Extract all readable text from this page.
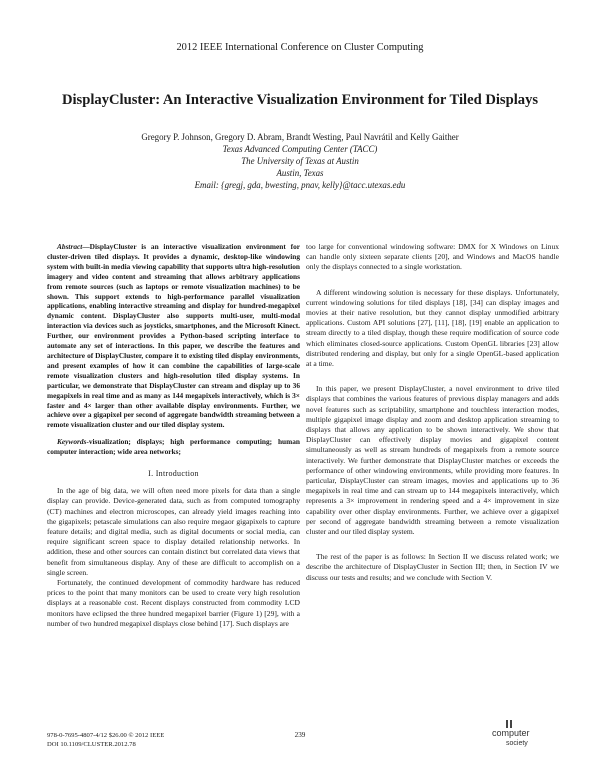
2012 IEEE International Conference on Cluster Computing
DisplayCluster: An Interactive Visualization Environment for Tiled Displays
Gregory P. Johnson, Gregory D. Abram, Brandt Westing, Paul Navrátil and Kelly Gaither
Texas Advanced Computing Center (TACC)
The University of Texas at Austin
Austin, Texas
Email: {gregj, gda, bwesting, pnav, kelly}@tacc.utexas.edu

Abstract—DisplayCluster is an interactive visualization environment for cluster-driven tiled displays. It provides a dynamic, desktop-like windowing system with built-in media viewing capability that supports ultra high-resolution imagery and video content and streaming that allows arbitrary applications from remote sources (such as laptops or remote visualization machines) to be shown. This support extends to high-performance parallel visualization applications, enabling interactive streaming and display for hundred-megapixel dynamic content. DisplayCluster also supports multi-user, multi-modal interaction via devices such as joysticks, smartphones, and the Microsoft Kinect. Further, our environment provides a Python-based scripting interface to automate any set of interactions. In this paper, we describe the features and architecture of DisplayCluster, compare it to existing tiled display environments, and present examples of how it can combine the capabilities of large-scale remote visualization clusters and high-resolution tiled display systems. In particular, we demonstrate that DisplayCluster can stream and display up to 36 megapixels in real time and as many as 144 megapixels interactively, which is 3× faster and 4× larger than other available display environments. Further, we achieve over a gigapixel per second of aggregate bandwidth streaming between a remote visualization cluster and our tiled display system.

Keywords-visualization; displays; high performance computing; human computer interaction; wide area networks;

I. Introduction

In the age of big data, we will often need more pixels for data than a single display can provide. Device-generated data, such as from computed tomography (CT) machines and electron microscopes, can already yield images reaching into the gigapixels; petascale simulations can also require megaor gigapixels to capture feature details; and digital media, such as digital documents or social media, can require significant screen space to display detailed relationship networks. In addition, these and other sources can contain distinct but correlated data views that benefit from simultaneous display. Any of these are difficult to accomplish on a single screen.

Fortunately, the continued development of commodity hardware has reduced prices to the point that many monitors can be used to create very high resolution displays at a reasonable cost. Recent displays constructed from commodity LCD monitors have eclipsed the three hundred megapixel barrier (Figure 1) [29], with a number of two hundred megapixel displays close behind [17]. Such displays are

too large for conventional windowing software: DMX for X Windows on Linux can handle only sixteen separate clients [20], and Windows and MacOS handle only the displays connected to a single workstation.

A different windowing solution is necessary for these displays. Unfortunately, current windowing solutions for tiled displays [18], [34] can display images and movies at their native resolution, but they cannot display unmodified arbitrary applications. Custom API solutions [27], [11], [18], [19] enable an application to stream directly to a tiled display, though these require modification of source code which eliminates closed-source applications. Custom OpenGL libraries [23] allow distributed rendering and display, but only for a single OpenGL-based application at a time.

In this paper, we present DisplayCluster, a novel environment to drive tiled displays that combines the various features of previous display managers and adds novel features such as scriptability, smartphone and touchless interaction modes, multiple gigapixel image display and zoom and desktop application streaming to displays that allows any application to be shown interactively. We show that DisplayCluster can effectively display movies and gigapixel content simultaneously as well as stream hundreds of megapixels from a remote source interactively. We further demonstrate that DisplayCluster matches or exceeds the performance of other windowing environments, while providing more features. In particular, DisplayCluster can stream images, movies and applications up to 36 megapixels in real time and can stream up to 144 megapixels interactively, which represents a 3× improvement in rendering speed and a 4× improvement in size capability over other display environments. Further, we achieve over a gigapixel per second of aggregate bandwidth streaming between a remote visualization cluster and our tiled display system.

The rest of the paper is as follows: In Section II we discuss related work; we describe the architecture of DisplayCluster in Section III; then, in Section IV we discuss our tests and results; and we conclude with Section V.

978-0-7695-4807-4/12 $26.00 © 2012 IEEE
DOI 10.1109/CLUSTER.2012.78
239	computer
society
